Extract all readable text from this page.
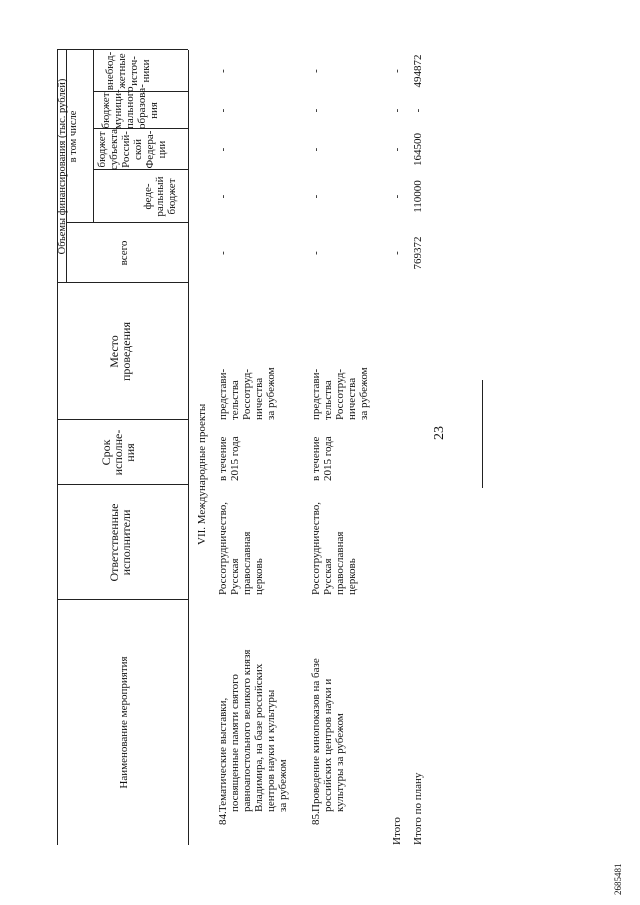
23
Наименование мероприятия
Ответственные
исполнители
Срок
исполне-
ния
Место
проведения
Объемы финансирования (тыс. рублей)	всего
в том числе
феде-
ральный
бюджет
бюджет
субъекта
Россий-
ской
Федера-
ции
бюджет
муници-
пального
образова-
ния
внебюд-
жетные
источ-
ники
VII. Международные проекты
84.
Тематические выставки,
посвященные памяти святого
равноапостольного великого князя
Владимира, на базе российских
центров науки и культуры
за рубежом
Россотрудничество,
Русская
православная
церковь
в течение
2015 года
представи-
тельства
Россотруд-
ничества
за рубежом
-
-
-
-
-
85.
Проведение кинопоказов на базе
российских центров науки и
культуры за рубежом
Россотрудничество,
Русская
православная
церковь
в течение
2015 года
представи-
тельства
Россотруд-
ничества
за рубежом
-
-
-
-
-
Итого
-
-
-
-
-
Итого по плану
769372
110000
164500
-
494872
2685481
